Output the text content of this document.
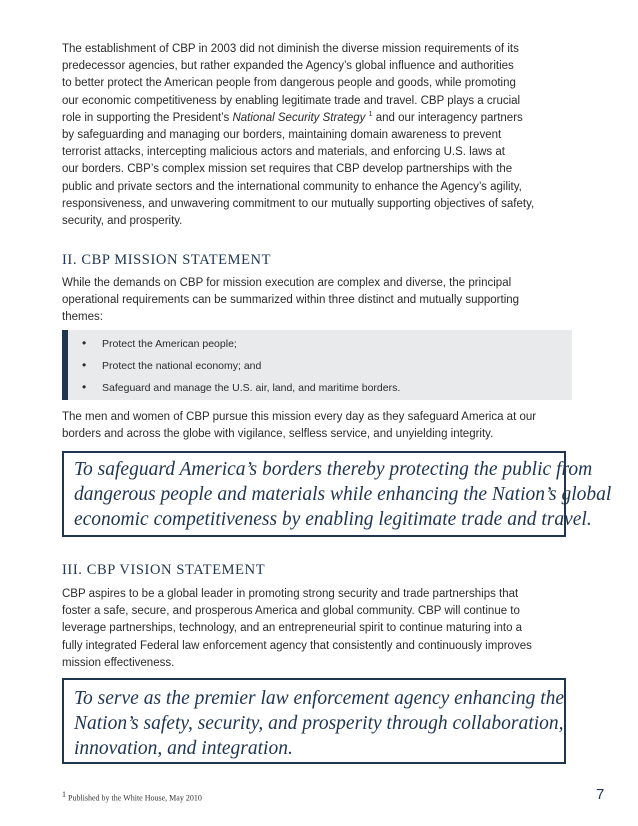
The establishment of CBP in 2003 did not diminish the diverse mission requirements of its
predecessor agencies, but rather expanded the Agency’s global influence and authorities
to better protect the American people from dangerous people and goods, while promoting
our economic competitiveness by enabling legitimate trade and travel. CBP plays a crucial
role in supporting the President’s National Security Strategy $^1$ and our interagency partners
by safeguarding and managing our borders, maintaining domain awareness to prevent
terrorist attacks, intercepting malicious actors and materials, and enforcing U.S. laws at
our borders. CBP’s complex mission set requires that CBP develop partnerships with the
public and private sectors and the international community to enhance the Agency’s agility,
responsiveness, and unwavering commitment to our mutually supporting objectives of safety,
security, and prosperity.

II. CBP MISSION STATEMENT

While the demands on CBP for mission execution are complex and diverse, the principal
operational requirements can be summarized within three distinct and mutually supporting
themes:

• Protect the American people;
• Protect the national economy; and
• Safeguard and manage the U.S. air, land, and maritime borders.

The men and women of CBP pursue this mission every day as they safeguard America at our
borders and across the globe with vigilance, selfless service, and unyielding integrity.

To safeguard America’s borders thereby protecting the public from
dangerous people and materials while enhancing the Nation’s global
economic competitiveness by enabling legitimate trade and travel.
III. CBP VISION STATEMENT

CBP aspires to be a global leader in promoting strong security and trade partnerships that
foster a safe, secure, and prosperous America and global community. CBP will continue to
leverage partnerships, technology, and an entrepreneurial spirit to continue maturing into a
fully integrated Federal law enforcement agency that consistently and continuously improves
mission effectiveness.

To serve as the premier law enforcement agency enhancing the
Nation’s safety, security, and prosperity through collaboration,
innovation, and integration.
1 Published by the White House, May 2010	7
